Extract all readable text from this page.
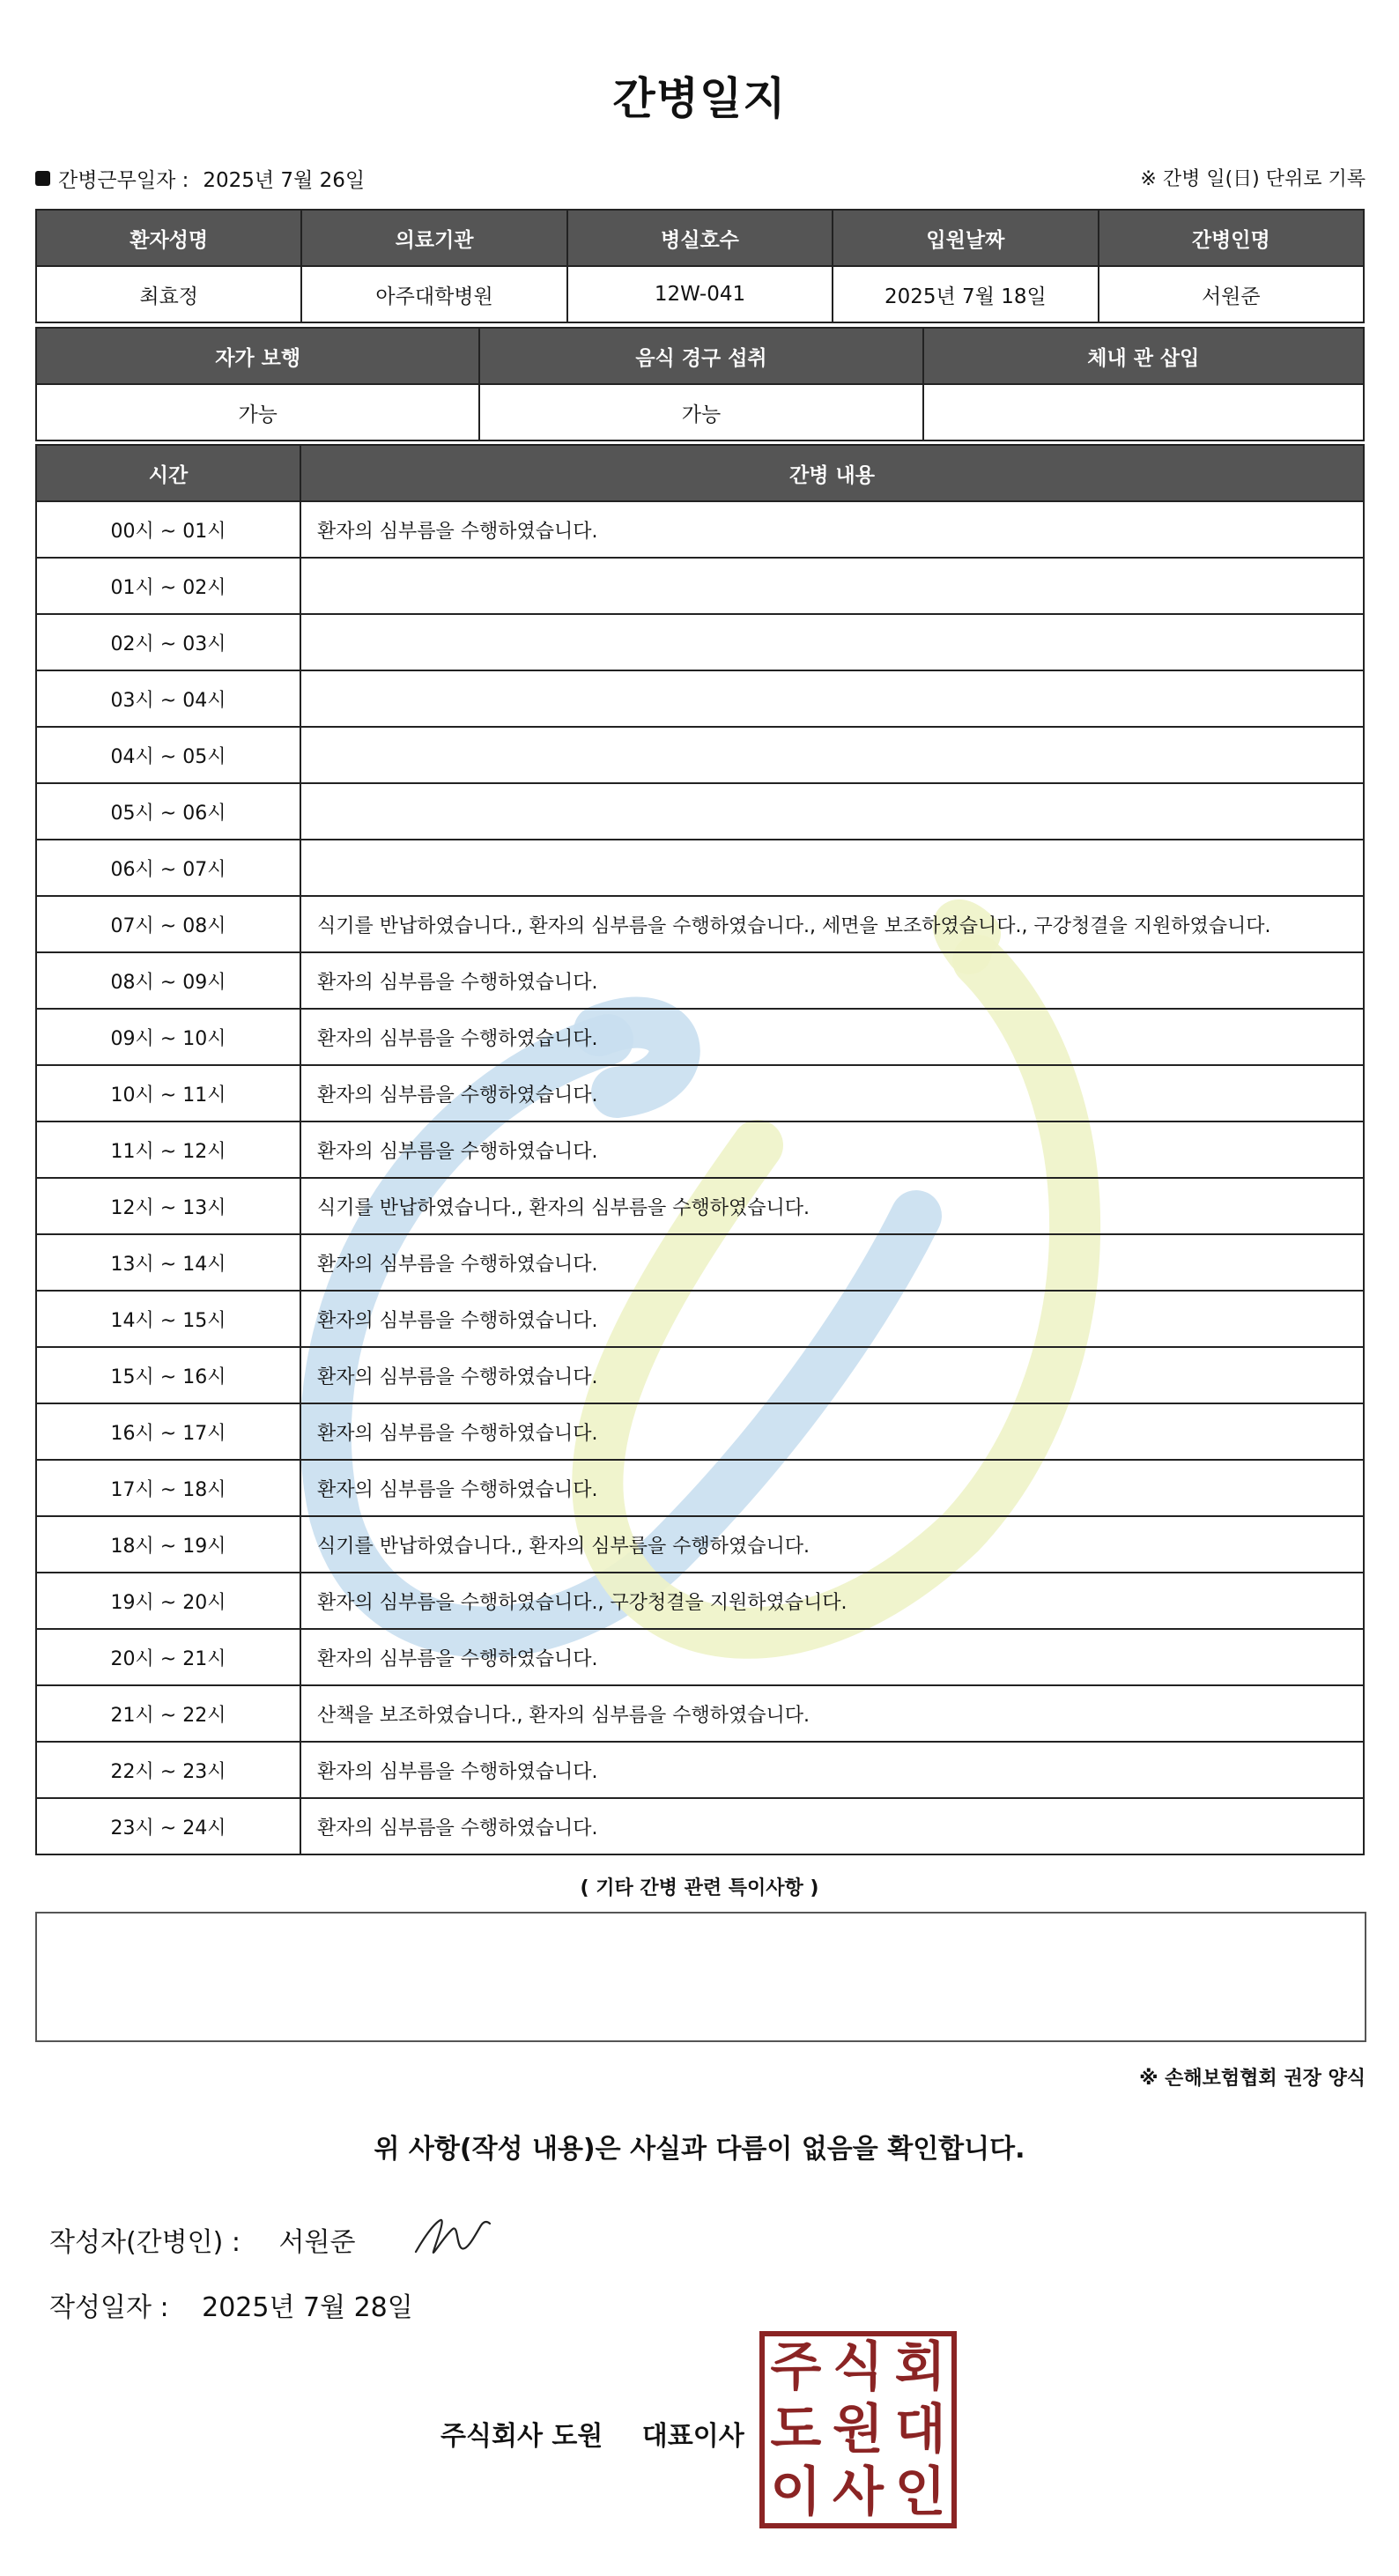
간병일지
간병근무일자 : 2025년 7월 26일	※ 간병 일(日) 단위로 기록
환자성명	의료기관	병실호수	입원날짜	간병인명
최효정	아주대학병원	12W-041	2025년 7월 18일	서원준
자가 보행	음식 경구 섭취	체내 관 삽입
가능	가능	
시간	간병 내용
00시 ~ 01시	환자의 심부름을 수행하였습니다.
01시 ~ 02시	
02시 ~ 03시	
03시 ~ 04시	
04시 ~ 05시	
05시 ~ 06시	
06시 ~ 07시	
07시 ~ 08시	식기를 반납하였습니다., 환자의 심부름을 수행하였습니다., 세면을 보조하였습니다., 구강청결을 지원하였습니다.
08시 ~ 09시	환자의 심부름을 수행하였습니다.
09시 ~ 10시	환자의 심부름을 수행하였습니다.
10시 ~ 11시	환자의 심부름을 수행하였습니다.
11시 ~ 12시	환자의 심부름을 수행하였습니다.
12시 ~ 13시	식기를 반납하였습니다., 환자의 심부름을 수행하였습니다.
13시 ~ 14시	환자의 심부름을 수행하였습니다.
14시 ~ 15시	환자의 심부름을 수행하였습니다.
15시 ~ 16시	환자의 심부름을 수행하였습니다.
16시 ~ 17시	환자의 심부름을 수행하였습니다.
17시 ~ 18시	환자의 심부름을 수행하였습니다.
18시 ~ 19시	식기를 반납하였습니다., 환자의 심부름을 수행하였습니다.
19시 ~ 20시	환자의 심부름을 수행하였습니다., 구강청결을 지원하였습니다.
20시 ~ 21시	환자의 심부름을 수행하였습니다.
21시 ~ 22시	산책을 보조하였습니다., 환자의 심부름을 수행하였습니다.
22시 ~ 23시	환자의 심부름을 수행하였습니다.
23시 ~ 24시	환자의 심부름을 수행하였습니다.
( 기타 간병 관련 특이사항 )
※ 손해보험협회 권장 양식
위 사항(작성 내용)은 사실과 다름이 없음을 확인합니다.
작성자(간병인) : 서원준
작성일자 : 2025년 7월 28일
주식회사 도원 대표이사
주 식 회
도 원 대
이 사 인
